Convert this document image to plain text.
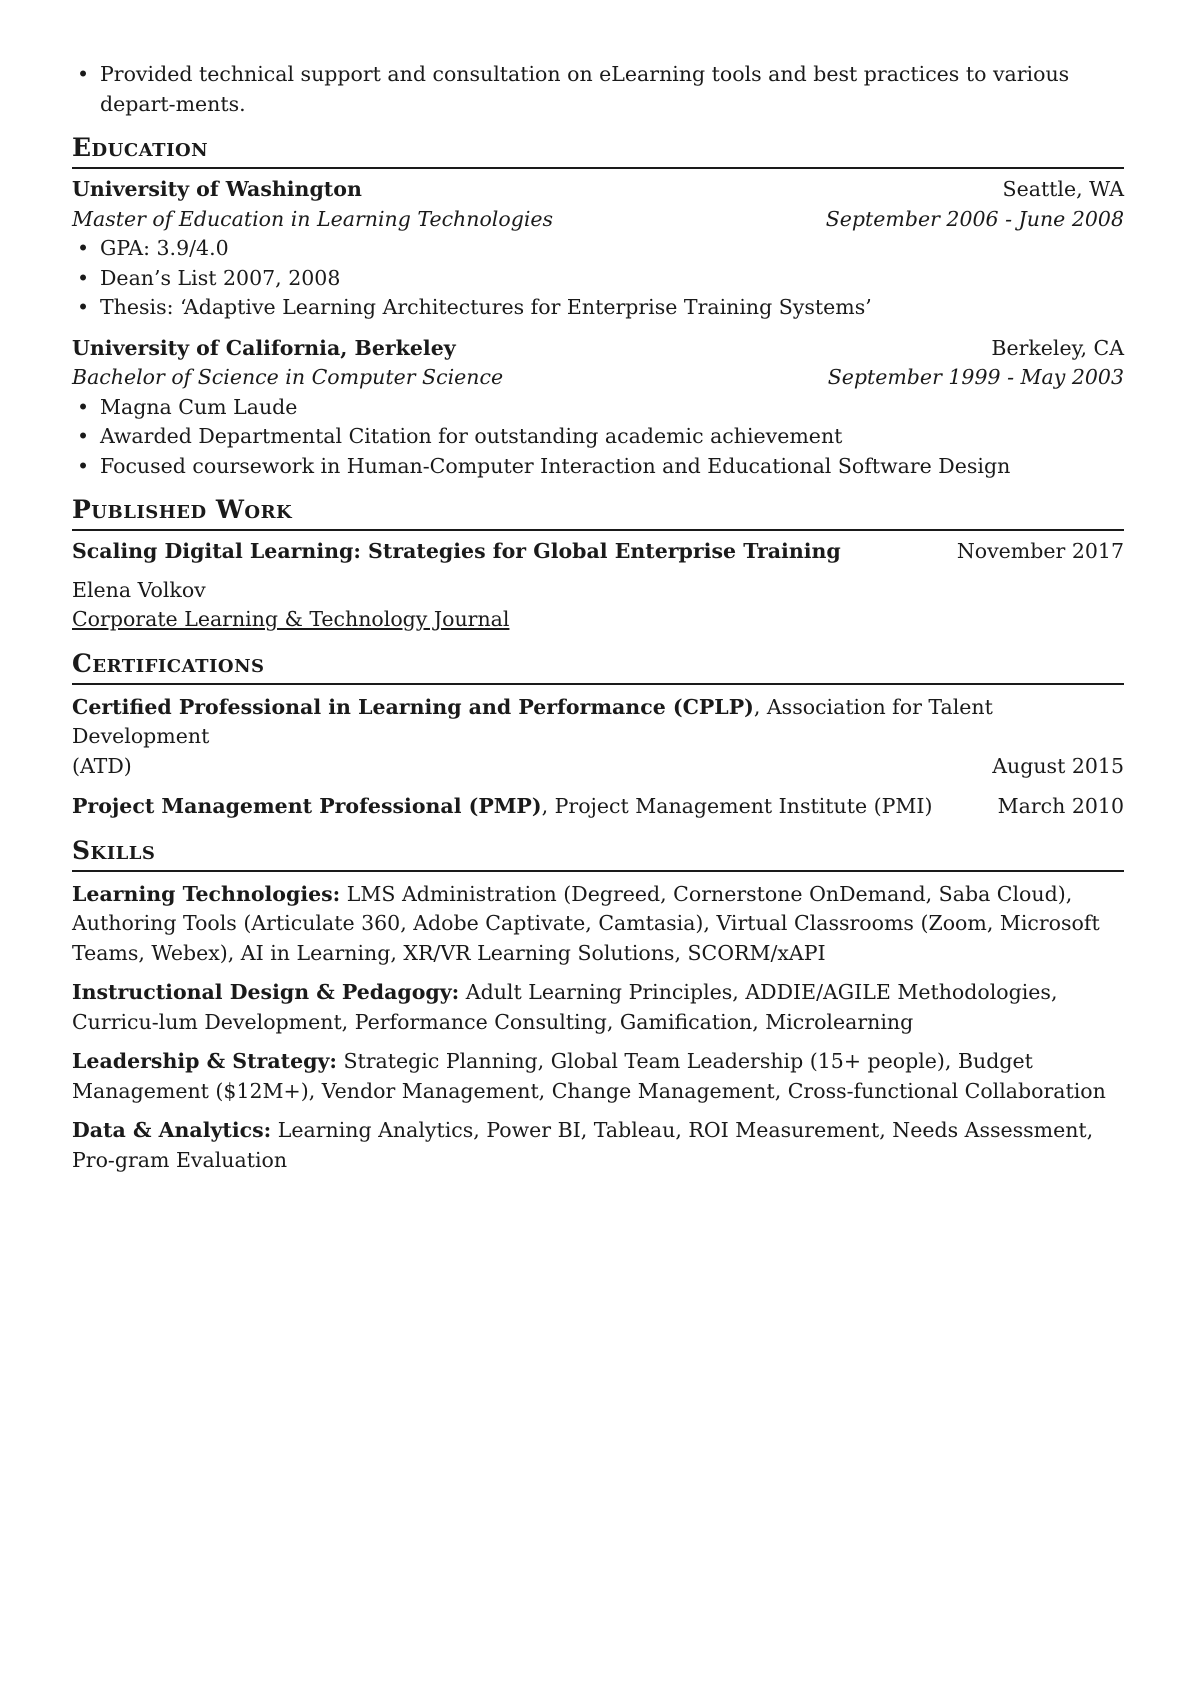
• Provided technical support and consultation on eLearning tools and best practices to various depart-ments.
Education
University of Washington	Seattle, WA
Master of Education in Learning Technologies	September 2006 - June 2008
• GPA: 3.9/4.0
• Dean’s List 2007, 2008
• Thesis: ‘Adaptive Learning Architectures for Enterprise Training Systems’
University of California, Berkeley	Berkeley, CA
Bachelor of Science in Computer Science	September 1999 - May 2003
• Magna Cum Laude
• Awarded Departmental Citation for outstanding academic achievement
• Focused coursework in Human-Computer Interaction and Educational Software Design
Published Work
Scaling Digital Learning: Strategies for Global Enterprise Training	November 2017
Elena Volkov
Corporate Learning & Technology Journal
Certifications
Certified Professional in Learning and Performance (CPLP), Association for Talent Development
(ATD)	August 2015
Project Management Professional (PMP), Project Management Institute (PMI)	March 2010
Skills
Learning Technologies: LMS Administration (Degreed, Cornerstone OnDemand, Saba Cloud), Authoring Tools (Articulate 360, Adobe Captivate, Camtasia), Virtual Classrooms (Zoom, Microsoft Teams, Webex), AI in Learning, XR/VR Learning Solutions, SCORM/xAPI
Instructional Design & Pedagogy: Adult Learning Principles, ADDIE/AGILE Methodologies, Curricu-lum Development, Performance Consulting, Gamification, Microlearning
Leadership & Strategy: Strategic Planning, Global Team Leadership (15+ people), Budget Management ($12M+), Vendor Management, Change Management, Cross-functional Collaboration
Data & Analytics: Learning Analytics, Power BI, Tableau, ROI Measurement, Needs Assessment, Pro-gram Evaluation
